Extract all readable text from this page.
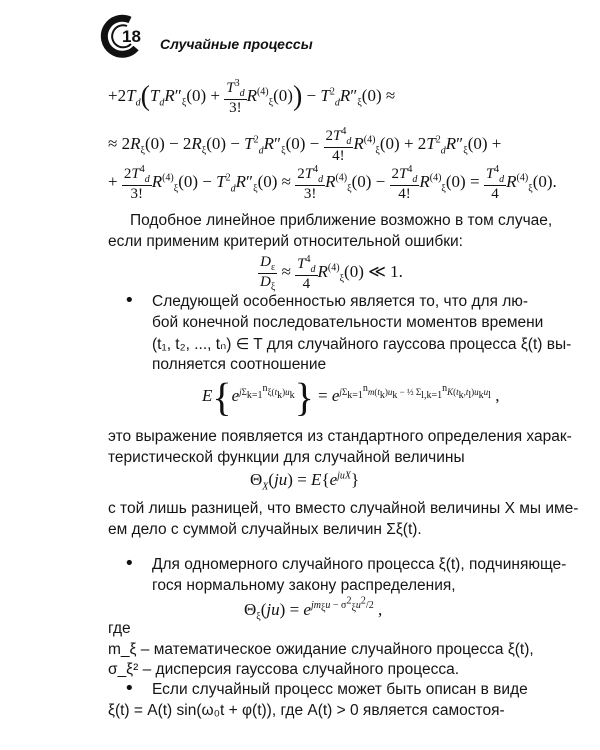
18 Случайные процессы
$+2T_d(T_dR''_\xi(0) + \frac{T^3_d}{3!} R^{(4)}_\xi(0)) - T^2_dR''_\xi(0)$ ≈
≈ $2R_\xi(0) - 2R_\xi(0) - T^2_dR''_\xi(0) - \frac{2T^4_d}{4!} R^{(4)}_\xi(0) + 2T^2_dR''_\xi(0)$ +
+ $\frac{2T^4_d}{3!} R^{(4)}_\xi(0) - T^2_dR''_\xi(0) \approx \frac{2T^4_d}{3!} R^{(4)}_\xi(0) - \frac{2T^4_d}{4!} R^{(4)}_\xi(0) = \frac{T^4_d}{4} R^{(4)}_\xi(0)$.
Подобное линейное приближение возможно в том случае,
если применим критерий относительной ошибки:
$\frac{D_\varepsilon}{D_\xi} \approx \frac{T^4_d}{4} R^{(4)}_\xi(0)$ ≪ 1.
• Следующей особенностью является то, что для лю-
бой конечной последовательности моментов времени
(t₁, t₂, ..., tₙ) ∈ T для случайного гауссова процесса ξ(t) вы-
полняется соотношение
$E\{e^{j\Sigma_{k=1}^n\xi(t_k)u_k}\} = e^{j\Sigma_{k=1}^nm(t_k)u_k - \frac{1}{2} \Sigma_{l,k=1}^nK(t_k,t_l)u_ku_l}$ ,
это выражение появляется из стандартного определения харак-
теристической функции для случайной величины
$\Theta_X(ju) = E\{e^{juX}\}$
с той лишь разницей, что вместо случайной величины X мы име-
ем дело с суммой случайных величин Σξ(t).
• Для одномерного случайного процесса ξ(t), подчиняюще-
гося нормальному закону распределения,
$\Theta_\xi(ju) = e^{jm_\xi u - \sigma^2_\xi u^2/2}$ ,
где
m_ξ – математическое ожидание случайного процесса ξ(t),
σ_ξ² – дисперсия гауссова случайного процесса.
• Если случайный процесс может быть описан в виде
ξ(t) = A(t) sin(ω₀t + φ(t)), где A(t) > 0 является самостоя-
